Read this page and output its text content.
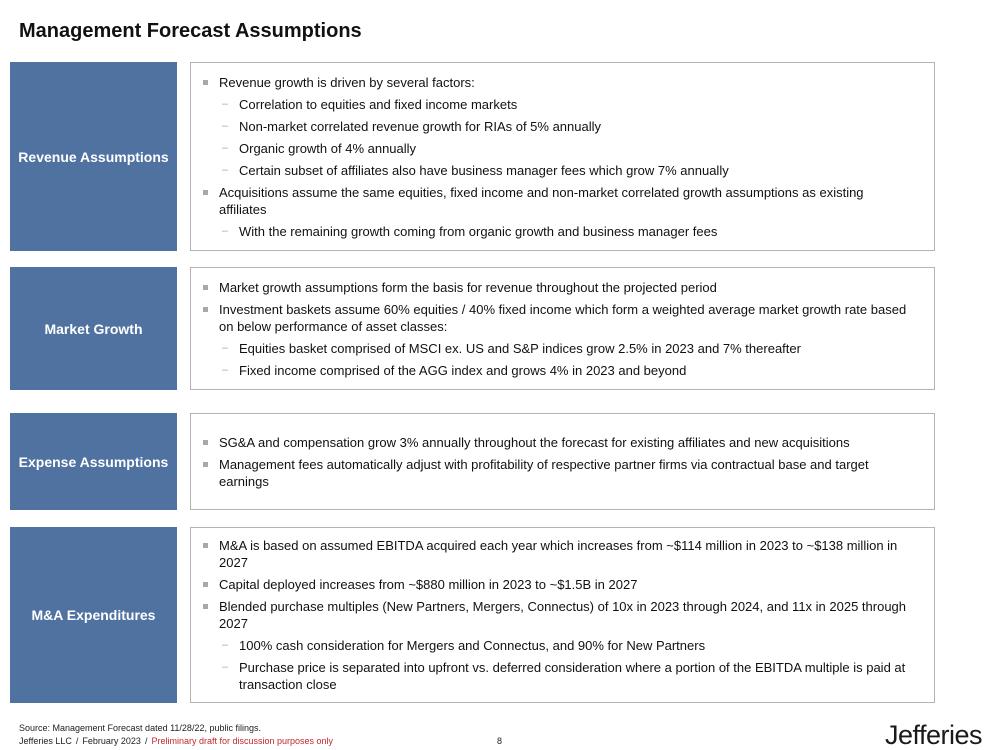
Management Forecast Assumptions
Revenue Assumptions
Revenue growth is driven by several factors:
– Correlation to equities and fixed income markets
– Non-market correlated revenue growth for RIAs of 5% annually
– Organic growth of 4% annually
– Certain subset of affiliates also have business manager fees which grow 7% annually
Acquisitions assume the same equities, fixed income and non-market correlated growth assumptions as existing affiliates
– With the remaining growth coming from organic growth and business manager fees
Market Growth
Market growth assumptions form the basis for revenue throughout the projected period
Investment baskets assume 60% equities / 40% fixed income which form a weighted average market growth rate based on below performance of asset classes:
– Equities basket comprised of MSCI ex. US and S&P indices grow 2.5% in 2023 and 7% thereafter
– Fixed income comprised of the AGG index and grows 4% in 2023 and beyond
Expense Assumptions
SG&A and compensation grow 3% annually throughout the forecast for existing affiliates and new acquisitions
Management fees automatically adjust with profitability of respective partner firms via contractual base and target earnings
M&A Expenditures
M&A is based on assumed EBITDA acquired each year which increases from ~$114 million in 2023 to ~$138 million in 2027
Capital deployed increases from ~$880 million in 2023 to ~$1.5B in 2027
Blended purchase multiples (New Partners, Mergers, Connectus) of 10x in 2023 through 2024, and 11x in 2025 through 2027
– 100% cash consideration for Mergers and Connectus, and 90% for New Partners
– Purchase price is separated into upfront vs. deferred consideration where a portion of the EBITDA multiple is paid at transaction close
Source: Management Forecast dated 11/28/22, public filings.
Jefferies LLC / February 2023 / Preliminary draft for discussion purposes only	8	Jefferies
